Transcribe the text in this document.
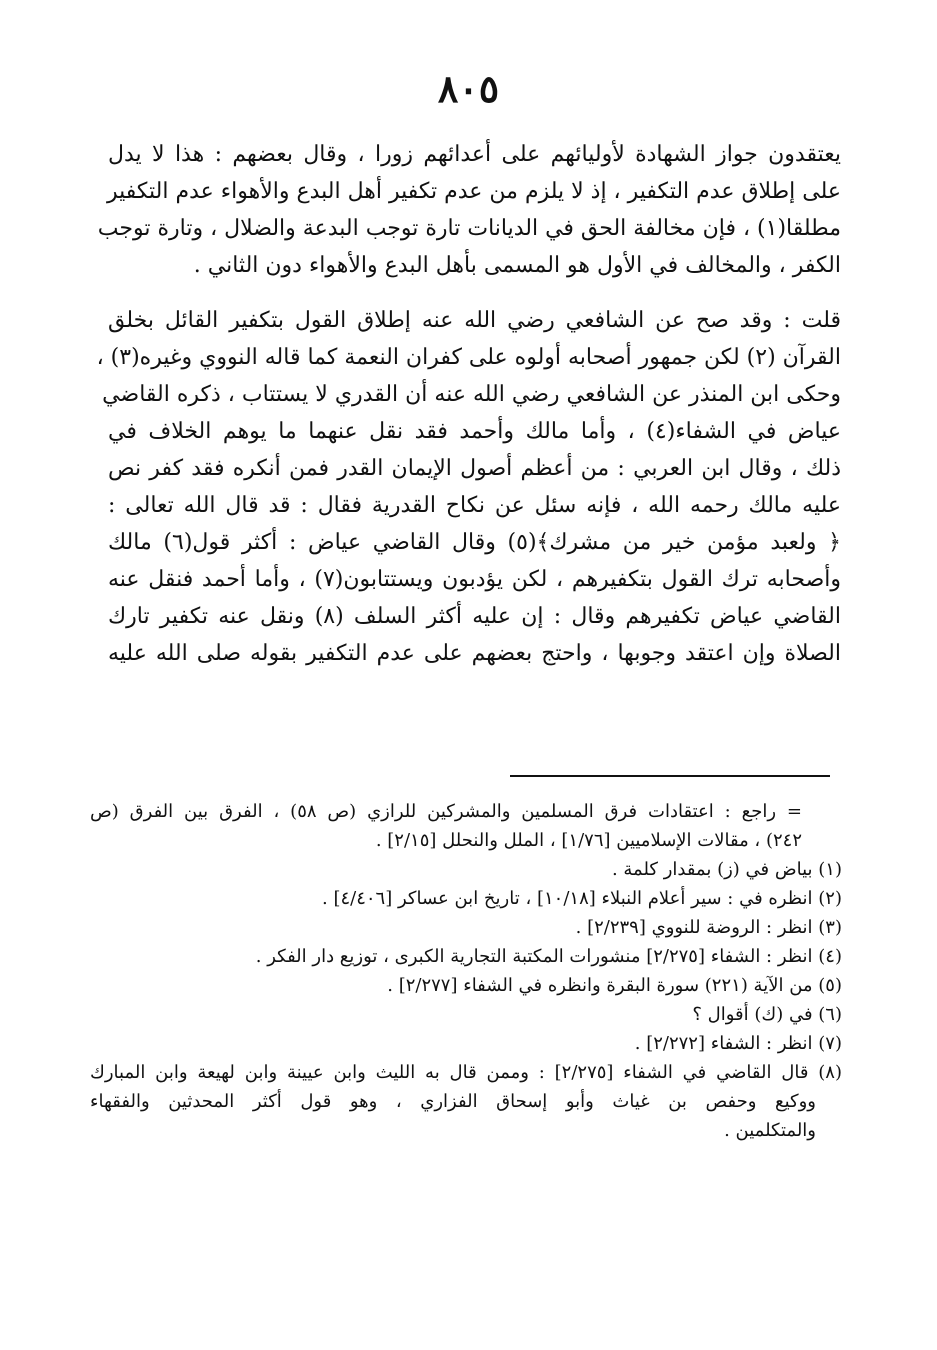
٨٠٥
يعتقدون جواز الشهادة لأوليائهم على أعدائهم زورا ، وقال بعضهم : هذا لا يدل
على إطلاق عدم التكفير ، إذ لا يلزم من عدم تكفير أهل البدع والأهواء عدم التكفير
مطلقا(١) ، فإن مخالفة الحق في الديانات تارة توجب البدعة والضلال ، وتارة توجب
الكفر ، والمخالف في الأول هو المسمى بأهل البدع والأهواء دون الثاني .
قلت : وقد صح عن الشافعي رضي الله عنه إطلاق القول بتكفير القائل بخلق
القرآن (٢) لكن جمهور أصحابه أولوه على كفران النعمة كما قاله النووي وغيره(٣) ،
وحكى ابن المنذر عن الشافعي رضي الله عنه أن القدري لا يستتاب ، ذكره القاضي
عياض في الشفاء(٤) ، وأما مالك وأحمد فقد نقل عنهما ما يوهم الخلاف في
ذلك ، وقال ابن العربي : من أعظم أصول الإيمان القدر فمن أنكره فقد كفر نص
عليه مالك رحمه الله ، فإنه سئل عن نكاح القدرية فقال : قد قال الله تعالى :
﴿ ولعبد مؤمن خير من مشرك﴾(٥) وقال القاضي عياض : أكثر قول(٦) مالك
وأصحابه ترك القول بتكفيرهم ، لكن يؤدبون ويستتابون(٧) ، وأما أحمد فنقل عنه
القاضي عياض تكفيرهم وقال : إن عليه أكثر السلف (٨) ونقل عنه تكفير تارك
الصلاة وإن اعتقد وجوبها ، واحتج بعضهم على عدم التكفير بقوله صلى الله عليه
= راجع : اعتقادات فرق المسلمين والمشركين للرازي (ص ٥٨) ، الفرق بين الفرق (ص
٢٤٢) ، مقالات الإسلاميين [١/٧٦] ، الملل والنحلل [٢/١٥] .
(١) بياض في (ز) بمقدار كلمة .
(٢) انظره في : سير أعلام النبلاء [١٠/١٨] ، تاريخ ابن عساكر [٤/٤٠٦] .
(٣) انظر : الروضة للنووي [٢/٢٣٩] .
(٤) انظر : الشفاء [٢/٢٧٥] منشورات المكتبة التجارية الكبرى ، توزيع دار الفكر .
(٥) من الآية (٢٢١) سورة البقرة وانظره في الشفاء [٢/٢٧٧] .
(٦) في (ك) أقوال ؟
(٧) انظر : الشفاء [٢/٢٧٢] .
(٨) قال القاضي في الشفاء [٢/٢٧٥] : وممن قال به الليث وابن عيينة وابن لهيعة وابن المبارك
ووكيع وحفص بن غياث وأبو إسحاق الفزاري ، وهو قول أكثر المحدثين والفقهاء
والمتكلمين .
